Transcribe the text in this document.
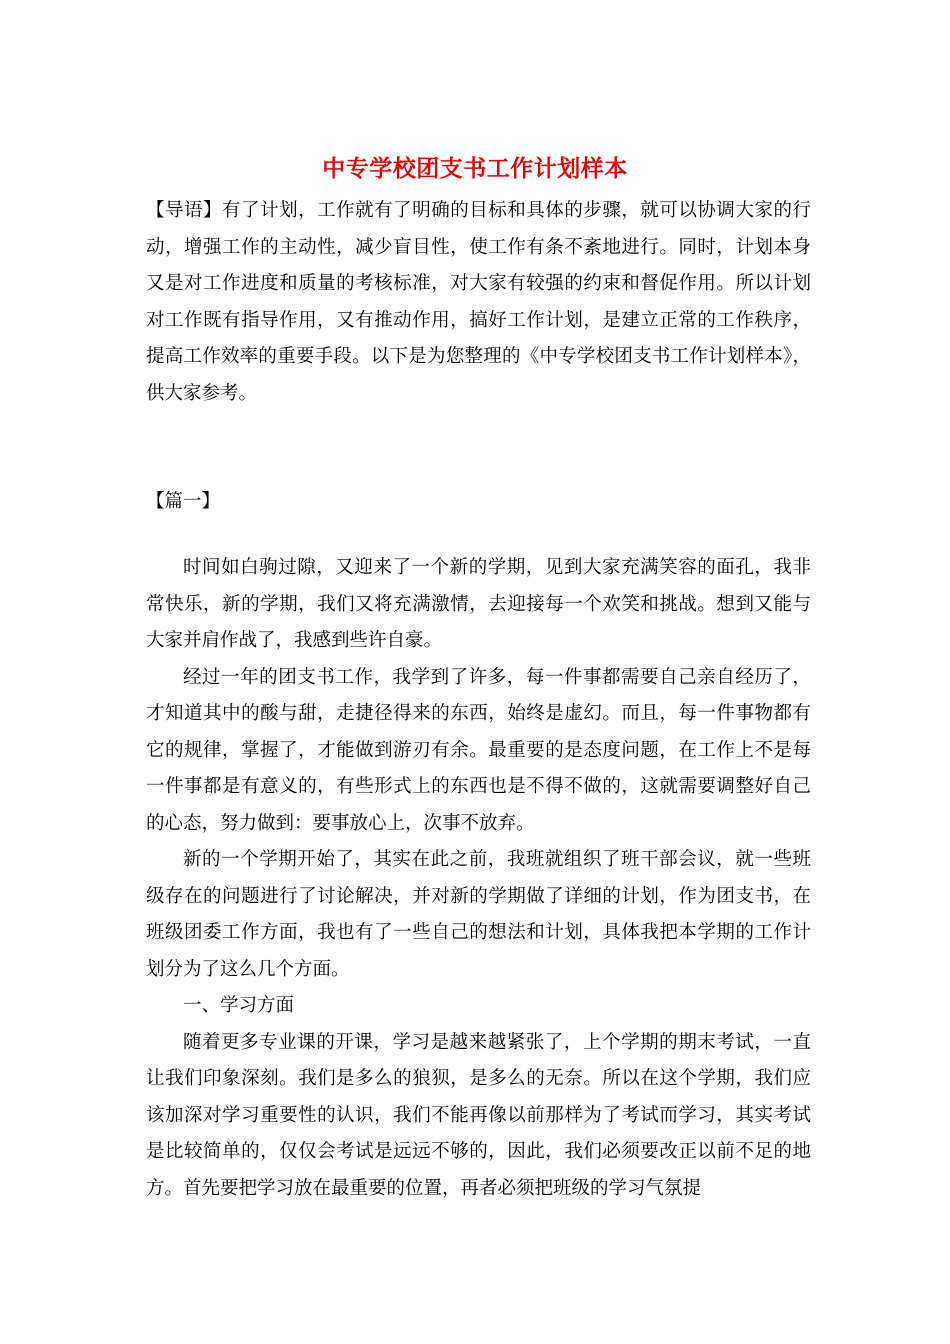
中专学校团支书工作计划样本

【导语】有了计划，工作就有了明确的目标和具体的步骤，就可以协调大家的行动，增强工作的主动性，减少盲目性，使工作有条不紊地进行。同时，计划本身又是对工作进度和质量的考核标准，对大家有较强的约束和督促作用。所以计划对工作既有指导作用，又有推动作用，搞好工作计划，是建立正常的工作秩序，提高工作效率的重要手段。以下是为您整理的《中专学校团支书工作计划样本》，供大家参考。

【篇一】

时间如白驹过隙，又迎来了一个新的学期，见到大家充满笑容的面孔，我非常快乐，新的学期，我们又将充满激情，去迎接每一个欢笑和挑战。想到又能与大家并肩作战了，我感到些许自豪。

经过一年的团支书工作，我学到了许多，每一件事都需要自己亲自经历了，才知道其中的酸与甜，走捷径得来的东西，始终是虚幻。而且，每一件事物都有它的规律，掌握了，才能做到游刃有余。最重要的是态度问题，在工作上不是每一件事都是有意义的，有些形式上的东西也是不得不做的，这就需要调整好自己的心态，努力做到：要事放心上，次事不放弃。

新的一个学期开始了，其实在此之前，我班就组织了班干部会议，就一些班级存在的问题进行了讨论解决，并对新的学期做了详细的计划，作为团支书，在班级团委工作方面，我也有了一些自己的想法和计划，具体我把本学期的工作计划分为了这么几个方面。

一、学习方面

随着更多专业课的开课，学习是越来越紧张了，上个学期的期末考试，一直让我们印象深刻。我们是多么的狼狈，是多么的无奈。所以在这个学期，我们应该加深对学习重要性的认识，我们不能再像以前那样为了考试而学习，其实考试是比较简单的，仅仅会考试是远远不够的，因此，我们必须要改正以前不足的地方。首先要把学习放在最重要的位置，再者必须把班级的学习气氛提
